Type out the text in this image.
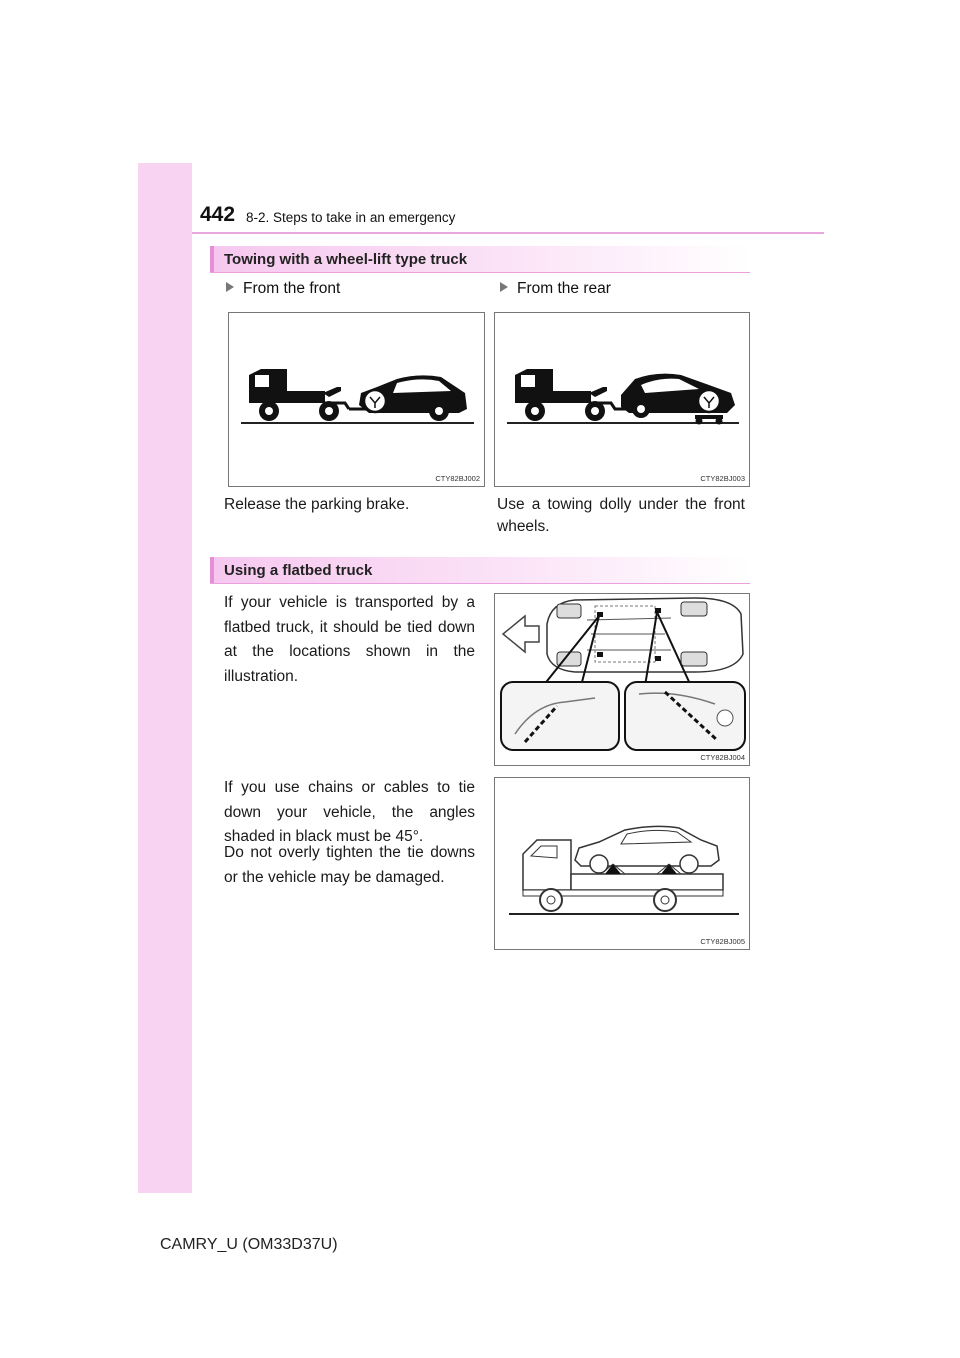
442 8-2. Steps to take in an emergency
Towing with a wheel-lift type truck
From the front	From the rear
CTY82BJ002	CTY82BJ003
Release the parking brake.	Use a towing dolly under the front wheels.
Using a flatbed truck
If your vehicle is transported by a flatbed truck, it should be tied down at the locations shown in the illustration.
CTY82BJ004
If you use chains or cables to tie down your vehicle, the angles shaded in black must be 45°.
Do not overly tighten the tie downs or the vehicle may be damaged.
CTY82BJ005
CAMRY_U (OM33D37U)
